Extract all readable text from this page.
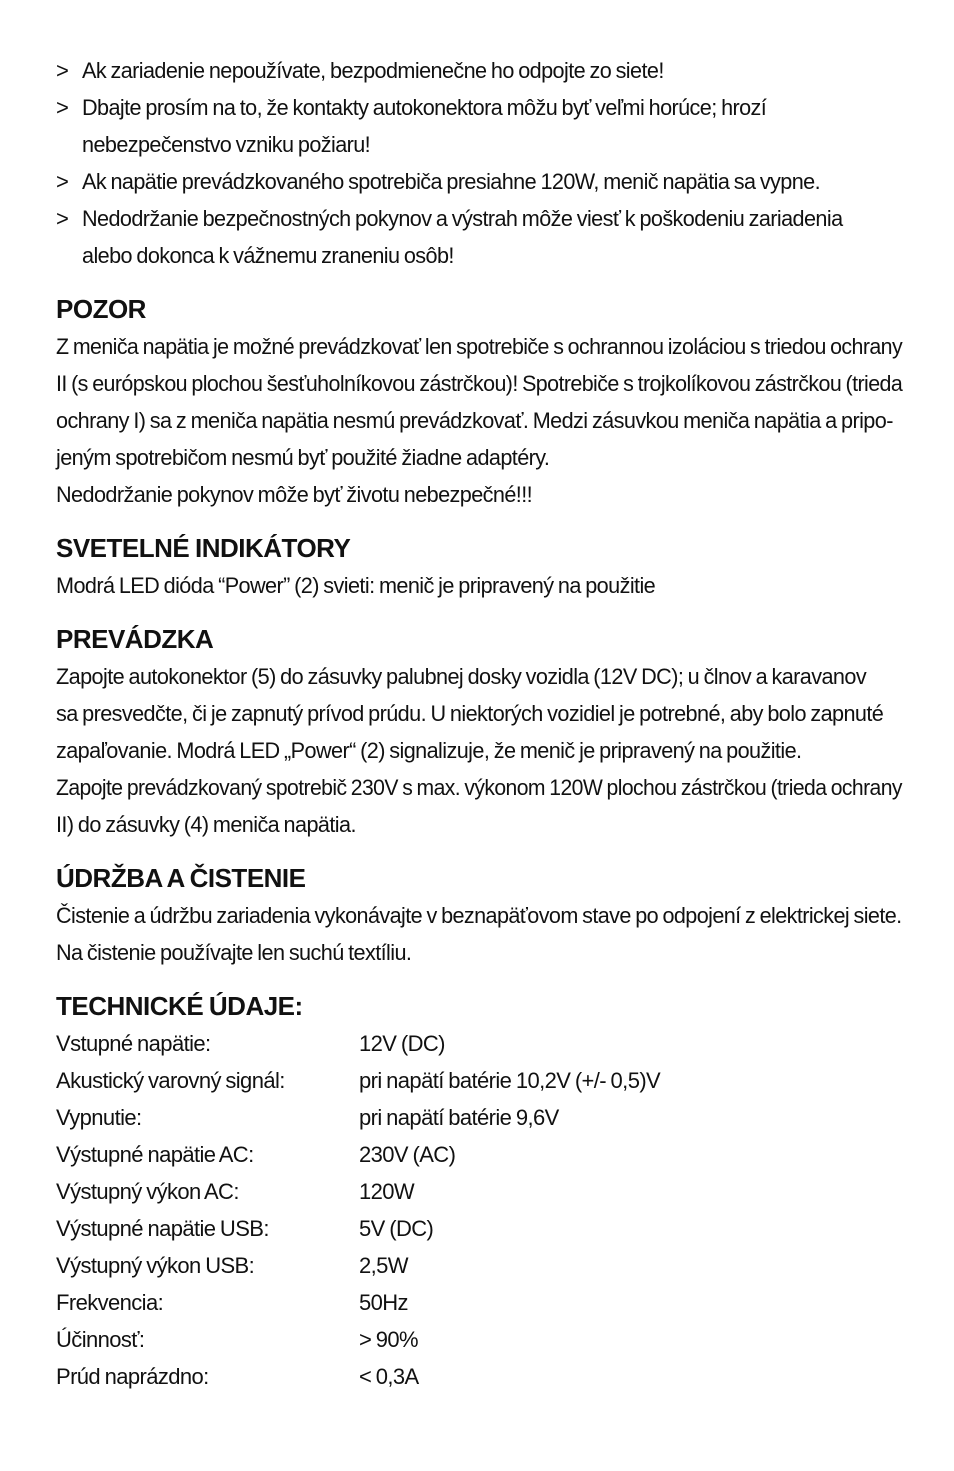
> Ak zariadenie nepoužívate, bezpodmienečne ho odpojte zo siete!
> Dbajte prosím na to, že kontakty autokonektora môžu byť veľmi horúce; hrozí
nebezpečenstvo vzniku požiaru!
> Ak napätie prevádzkovaného spotrebiča presiahne 120W, menič napätia sa vypne.
> Nedodržanie bezpečnostných pokynov a výstrah môže viesť k poškodeniu zariadenia
alebo dokonca k vážnemu zraneniu osôb!
POZOR
Z meniča napätia je možné prevádzkovať len spotrebiče s ochrannou izoláciou s triedou ochrany
II (s európskou plochou šesťuholníkovou zástrčkou)! Spotrebiče s trojkolíkovou zástrčkou (trieda
ochrany I) sa z meniča napätia nesmú prevádzkovať. Medzi zásuvkou meniča napätia a pripo-
jeným spotrebičom nesmú byť použité žiadne adaptéry.
Nedodržanie pokynov môže byť životu nebezpečné!!!
SVETELNÉ INDIKÁTORY
Modrá LED dióda “Power” (2) svieti: menič je pripravený na použitie
PREVÁDZKA
Zapojte autokonektor (5) do zásuvky palubnej dosky vozidla (12V DC); u člnov a karavanov
sa presvedčte, či je zapnutý prívod prúdu. U niektorých vozidiel je potrebné, aby bolo zapnuté
zapaľovanie. Modrá LED „Power“ (2) signalizuje, že menič je pripravený na použitie.
Zapojte prevádzkovaný spotrebič 230V s max. výkonom 120W plochou zástrčkou (trieda ochrany
II) do zásuvky (4) meniča napätia.
ÚDRŽBA A ČISTENIE
Čistenie a údržbu zariadenia vykonávajte v beznapäťovom stave po odpojení z elektrickej siete.
Na čistenie používajte len suchú textíliu.
TECHNICKÉ ÚDAJE:
Vstupné napätie:	12V (DC)
Akustický varovný signál:	pri napätí batérie 10,2V (+/- 0,5)V
Vypnutie:	pri napätí batérie 9,6V
Výstupné napätie AC:	230V (AC)
Výstupný výkon AC:	120W
Výstupné napätie USB:	5V (DC)
Výstupný výkon USB:	2,5W
Frekvencia:	50Hz
Účinnosť:	> 90%
Prúd naprázdno:	< 0,3A
